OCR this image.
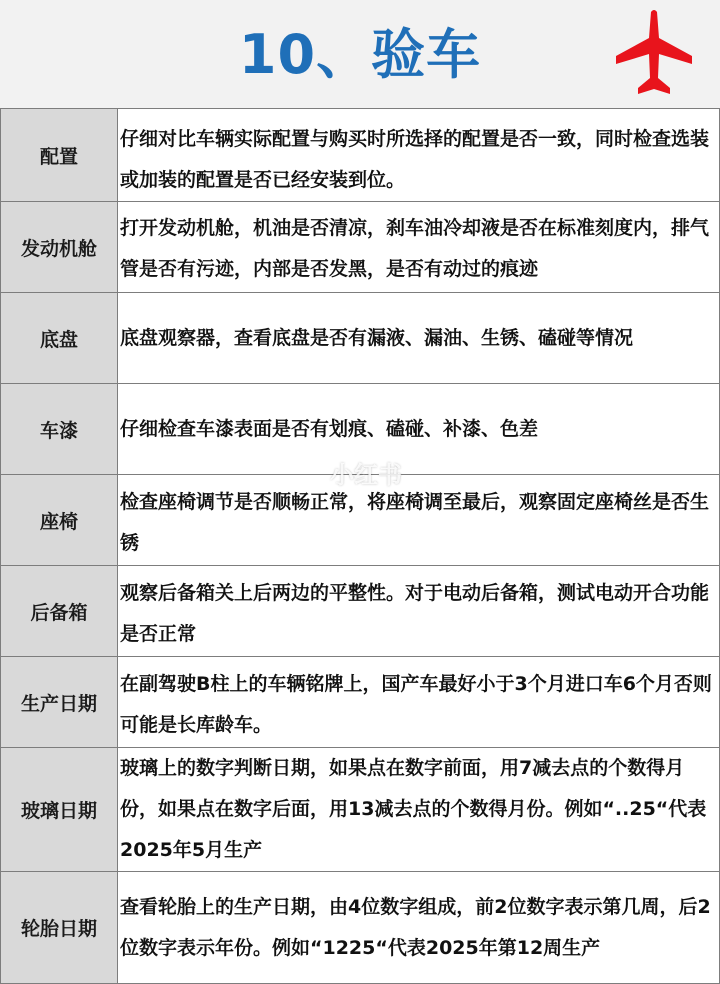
10、验车
配置	仔细对比车辆实际配置与购买时所选择的配置是否一致，同时检查选装或加装的配置是否已经安装到位。
发动机舱	打开发动机舱，机油是否清凉，刹车油冷却液是否在标准刻度内，排气管是否有污迹，内部是否发黑，是否有动过的痕迹
底盘	底盘观察器，查看底盘是否有漏液、漏油、生锈、磕碰等情况
车漆	仔细检查车漆表面是否有划痕、磕碰、补漆、色差
座椅	检查座椅调节是否顺畅正常，将座椅调至最后，观察固定座椅丝是否生锈
后备箱	观察后备箱关上后两边的平整性。对于电动后备箱，测试电动开合功能是否正常
生产日期	在副驾驶B柱上的车辆铭牌上，国产车最好小于3个月进口车6个月否则可能是长库龄车。
玻璃日期	玻璃上的数字判断日期，如果点在数字前面，用7减去点的个数得月份，如果点在数字后面，用13减去点的个数得月份。例如“..25“代表2025年5月生产
轮胎日期	查看轮胎上的生产日期，由4位数字组成，前2位数字表示第几周，后2位数字表示年份。例如“1225“代表2025年第12周生产
小红书
